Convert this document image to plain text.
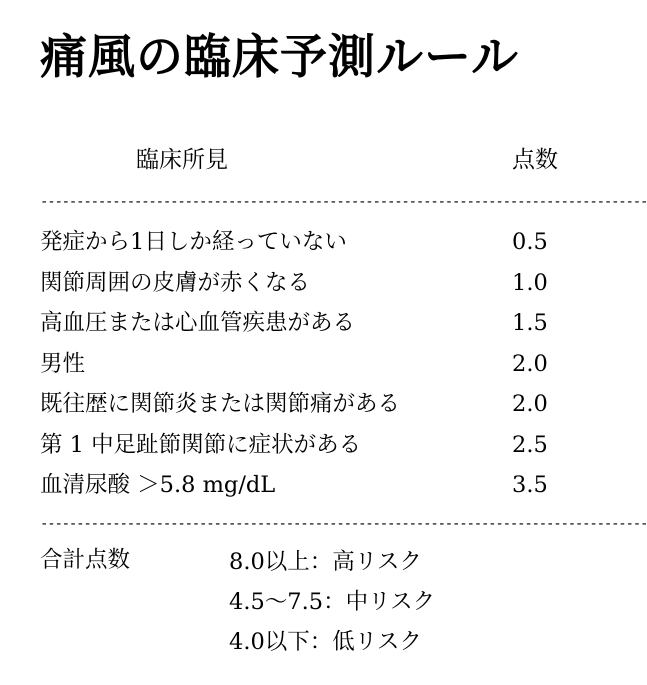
痛風の臨床予測ルール
臨床所見	点数
------------------------------------------------------------------------------------
発症から1日しか経っていない	0.5
関節周囲の皮膚が赤くなる	1.0
高血圧または心血管疾患がある	1.5
男性	2.0
既往歴に関節炎または関節痛がある	2.0
第 1 中足趾節関節に症状がある	2.5
血清尿酸 ＞5.8 mg/dL	3.5
------------------------------------------------------------------------------------
合計点数	8.0以上：高リスク
4.5〜7.5：中リスク
4.0以下：低リスク
